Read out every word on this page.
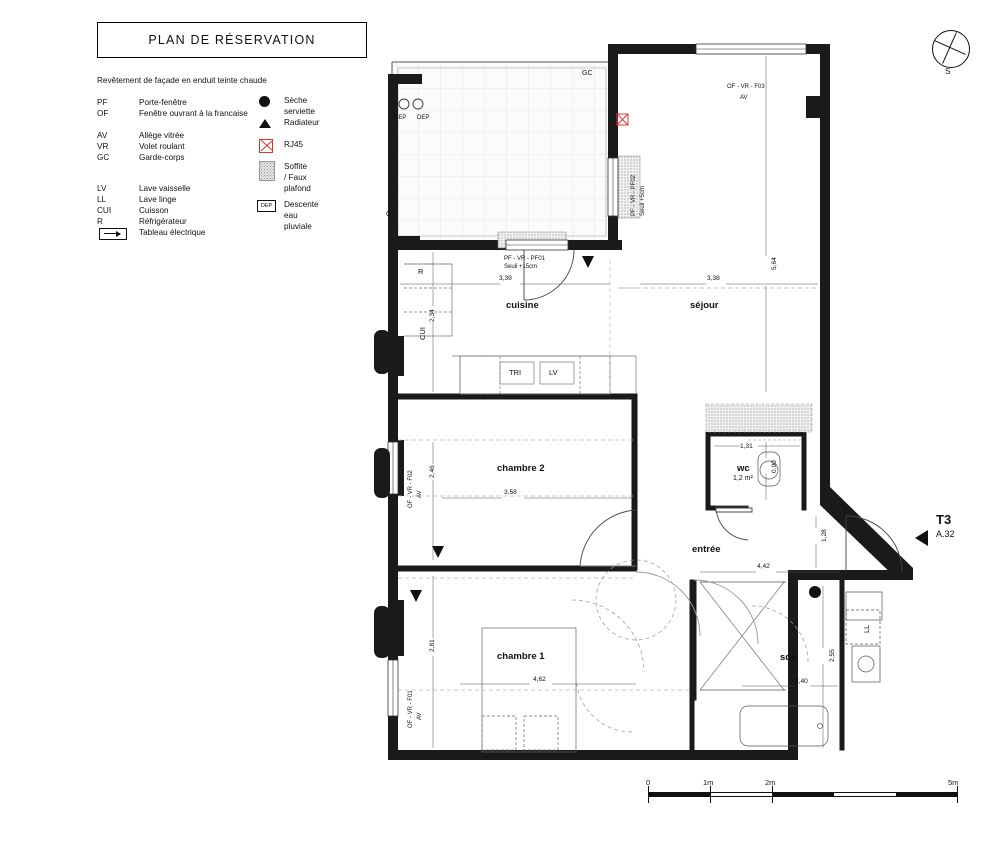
PLAN DE RÉSERVATION
Revêtement de façade en enduit teinte chaude
PF	Porte-fenêtre
OF	Fenêtre ouvrant à la francaise
AV	Allège vitrée
VR	Volet roulant
GC	Garde-corps
LV	Lave vaisselle
LL	Lave linge
CUI	Cuisson
R	Réfrigérateur
Tableau électrique
Sèche serviette
Radiateur
RJ45
Soffite / Faux plafond
DEP	Descente eau pluviale
S
T3
A.32
séjour
cuisine
chambre 2
chambre 1
entrée
wc
sdb
1,2 m²
R
CUI
TRI	LV
LL
3,39	3,38
5,64
2,34
1,31
0,90
2,46
3,58
1,28
4,42
2,81
4,62	2,40
2,55
OF - VR - F03
AV
PF - VR - PF02 Seuil +5cm
PF - VR - PF01
Seuil +15cm
OF - VR - F02 AV
OF - VR - F01 AV
GC
GC
DEP DEP
0	1m	2m	5m
